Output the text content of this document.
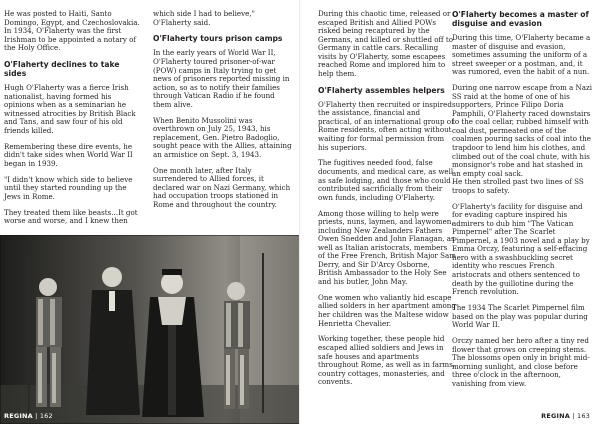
He was posted to Haiti, Santo Domingo, Egypt, and Czechoslovakia. In 1934, O'Flaherty was the first Irishman to be appointed a notary of the Holy Office.

O'Flaherty declines to take sides

Hugh O'Flaherty was a fierce Irish nationalist, having formed his opinions when as a seminarian he witnessed atrocities by British Black and Tans, and saw four of his old friends killed.

Remembering these dire events, he didn't take sides when World War II began in 1939.

"I didn't know which side to believe until they started rounding up the Jews in Rome.

They treated them like beasts...It got worse and worse, and I knew then

which side I had to believe," O'Flaherty said.

O'Flaherty tours prison camps

In the early years of World War II, O'Flaherty toured prisoner-of-war (POW) camps in Italy trying to get news of prisoners reported missing in action, so as to notify their families through Vatican Radio if he found them alive.

When Benito Mussolini was overthrown on July 25, 1943, his replacement, Gen. Pietro Badoglio, sought peace with the Allies, attaining an armistice on Sept. 3, 1943.

One month later, after Italy surrendered to Allied forces, it declared war on Nazi Germany, which had occupation troops stationed in Rome and throughout the country.

REGINA | 162

During this chaotic time, released or escaped British and Allied POWs risked being recaptured by the Germans, and killed or shuttled off to Germany in cattle cars. Recalling visits by O'Flaherty, some escapees reached Rome and implored him to help them.

O'Flaherty assembles helpers

O'Flaherty then recruited or inspired the assistance, financial and practical, of an international group of Rome residents, often acting without waiting for formal permission from his superiors.

The fugitives needed food, false documents, and medical care, as well as safe lodging, and those who could contributed sacrificially from their own funds, including O'Flaherty.

Among those willing to help were priests, nuns, laymen, and laywomen, including New Zealanders Fathers Owen Snedden and John Flanagan, as well as Italian aristocrats, members of the Free French, British Major Sam Derry, and Sir D'Arcy Osborne, British Ambassador to the Holy See and his butler, John May.

One women who valiantly hid escape allied solders in her apartment among her children was the Maltese widow Henrietta Chevalier.

Working together, these people hid escaped allied soldiers and Jews in safe houses and apartments throughout Rome, as well as in farms, country cottages, monasteries, and convents.

O'Flaherty becomes a master of disguise and evasion

During this time, O'Flaherty became a master of disguise and evasion, sometimes assuming the uniform of a street sweeper or a postman, and, it was rumored, even the habit of a nun.

During one narrow escape from a Nazi SS raid at the home of one of his supporters, Prince Filipo Doria Pamphili, O'Flaherty raced downstairs to the coal cellar, rubbed himself with coal dust, permeated one of the coalmen pouring sacks of coal into the trapdoor to lend him his clothes, and climbed out of the coal chute, with his monsignor's robe and hat stashed in an empty coal sack.

He then strolled past two lines of SS troops to safety.

O'Flaherty's facility for disguise and for evading capture inspired his admirers to dub him "The Vatican Pimpernel" after The Scarlet Pimpernel, a 1903 novel and a play by Emma Orczy, featuring a self-effacing hero with a swashbuckling secret identity who rescues French aristocrats and others sentenced to death by the guillotine during the French revolution.

The 1934 The Scarlet Pimpernel film based on the play was popular during World War II.

Orczy named her hero after a tiny red flower that grows on creeping stems. The blossoms open only in bright mid-morning sunlight, and close before three o'clock in the afternoon, vanishing from view.

REGINA | 163
